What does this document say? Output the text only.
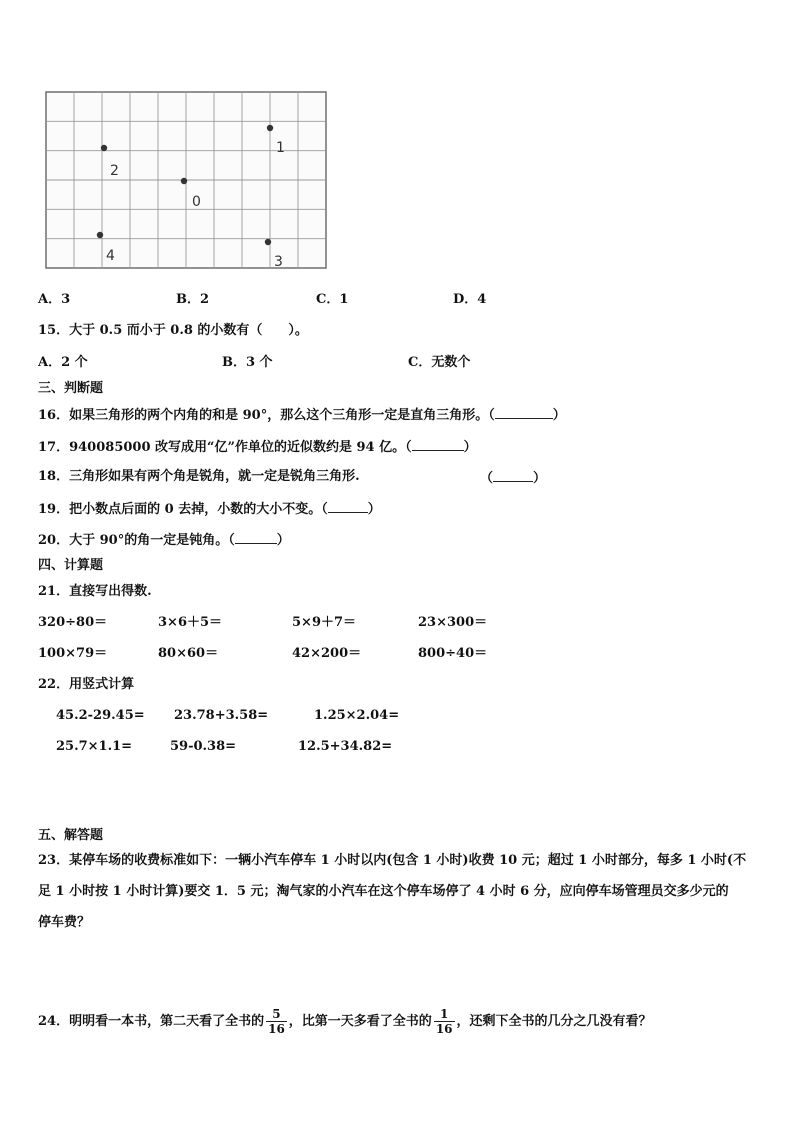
1
2
0
4	3
A．3	B．2	C．1	D．4
15．大于 0.5 而小于 0.8 的小数有（　　）。
A．2 个	B．3 个	C．无数个
三、判断题
16．如果三角形的两个内角的和是 90°，那么这个三角形一定是直角三角形。（	）
17．940085000 改写成用“亿”作单位的近似数约是 94 亿。（	）
18．三角形如果有两个角是锐角，就一定是锐角三角形.	（	）
19．把小数点后面的 0 去掉，小数的大小不变。（	）
20．大于 90°的角一定是钝角。（	）
四、计算题
21．直接写出得数.
320÷80＝	3×6＋5＝	5×9＋7＝	23×300＝
100×79＝	80×60＝	42×200＝	800÷40＝
22．用竖式计算
45.2-29.45= 23.78+3.58=	1.25×2.04=
25.7×1.1=	59-0.38=	12.5+34.82=
五、解答题
23．某停车场的收费标准如下：一辆小汽车停车 1 小时以内(包含 1 小时)收费 10 元；超过 1 小时部分，每多 1 小时(不
足 1 小时按 1 小时计算)要交 1．5 元；淘气家的小汽车在这个停车场停了 4 小时 6 分，应向停车场管理员交多少元的
停车费？
24．明明看一本书，第二天看了全书的 $\frac{5}{16}$ ，比第一天多看了全书的 $\frac{1}{16}$ ，还剩下全书的几分之几没有看？
